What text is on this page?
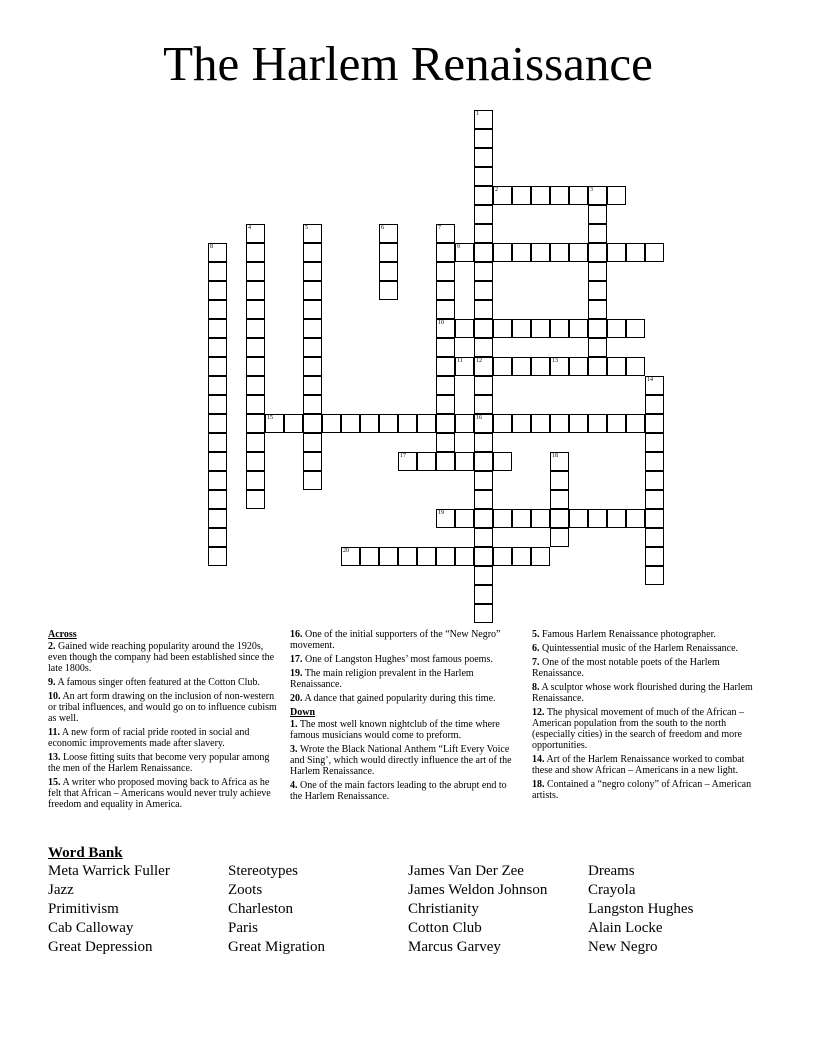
The Harlem Renaissance
2	3
9
10
11 12	13
15	16
17
19
20
1
4	5	6	7
8
14
18
Across
2. Gained wide reaching popularity around the 1920s, even though the company had been established since the late 1800s.
9. A famous singer often featured at the Cotton Club.
10. An art form drawing on the inclusion of non-western or tribal influences, and would go on to influence cubism as well.
11. A new form of racial pride rooted in social and economic improvements made after slavery.
13. Loose fitting suits that become very popular among the men of the Harlem Renaissance.
15. A writer who proposed moving back to Africa as he felt that African – Americans would never truly achieve freedom and equality in America.
16. One of the initial supporters of the “New Negro” movement.
17. One of Langston Hughes’ most famous poems.
19. The main religion prevalent in the Harlem Renaissance.
20. A dance that gained popularity during this time.
Down
1. The most well known nightclub of the time where famous musicians would come to preform.
3. Wrote the Black National Anthem “Lift Every Voice and Sing’, which would directly influence the art of the Harlem Renaissance.
4. One of the main factors leading to the abrupt end to the Harlem Renaissance.
5. Famous Harlem Renaissance photographer.
6. Quintessential music of the Harlem Renaissance.
7. One of the most notable poets of the Harlem Renaissance.
8. A sculptor whose work flourished during the Harlem Renaissance.
12. The physical movement of much of the African – American population from the south to the north (especially cities) in the search of freedom and more opportunities.
14. Art of the Harlem Renaissance worked to combat these and show African – Americans in a new light.
18. Contained a “negro colony” of African – American artists.
Word Bank
Meta Warrick Fuller
Jazz
Primitivism
Cab Calloway
Great Depression
Stereotypes
Zoots
Charleston
Paris
Great Migration
James Van Der Zee
James Weldon Johnson
Christianity
Cotton Club
Marcus Garvey
Dreams
Crayola
Langston Hughes
Alain Locke
New Negro
